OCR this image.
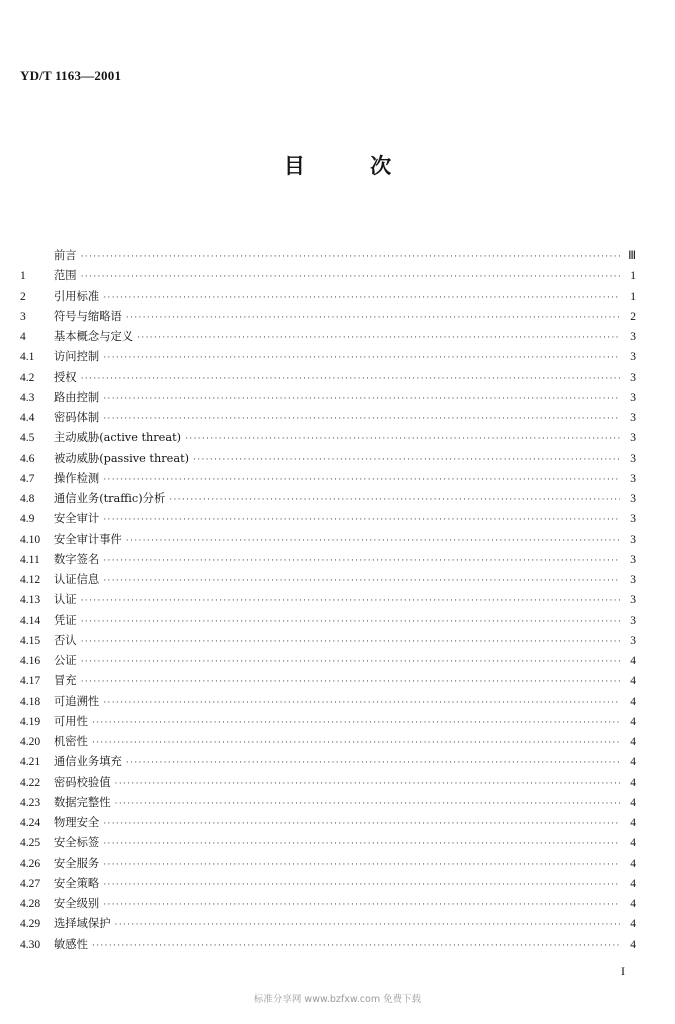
YD/T 1163—2001
目 次
前言 ·····	Ⅲ
1	范围 ·····	1
2	引用标准 ·····	1
3	符号与缩略语 ·····	2
4	基本概念与定义 ·····	3
4.1	访问控制 ·····	3
4.2	授权 ·····	3
4.3	路由控制 ·····	3
4.4	密码体制 ·····	3
4.5	主动威胁(active threat) ·····	3
4.6	被动威胁(passive threat) ·····	3
4.7	操作检测 ·····	3
4.8	通信业务(traffic)分析 ·····	3
4.9	安全审计 ·····	3
4.10	安全审计事件 ·····	3
4.11	数字签名 ·····	3
4.12	认证信息 ·····	3
4.13	认证 ·····	3
4.14	凭证 ·····	3
4.15	否认 ·····	3
4.16	公证 ·····	4
4.17	冒充 ·····	4
4.18	可追溯性 ·····	4
4.19	可用性 ·····	4
4.20	机密性 ·····	4
4.21	通信业务填充 ·····	4
4.22	密码校验值 ·····	4
4.23	数据完整性 ·····	4
4.24	物理安全 ·····	4
4.25	安全标签 ·····	4
4.26	安全服务 ·····	4
4.27	安全策略 ·····	4
4.28	安全级别 ·····	4
4.29	选择域保护 ·····	4
4.30	敏感性 ·····	4
I
标准分享网 www.bzfxw.com 免费下载
